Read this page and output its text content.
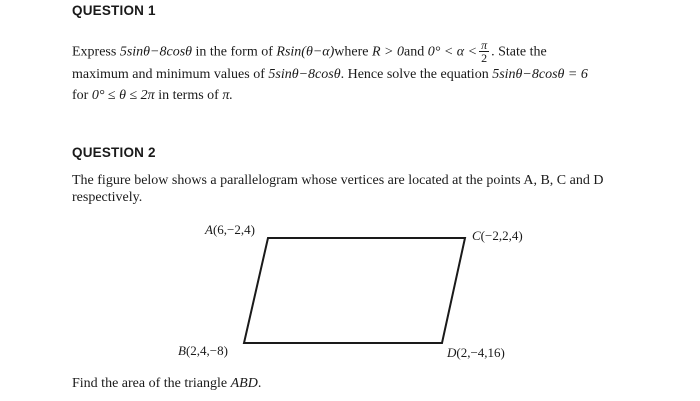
QUESTION 1
Express 5sinθ−8cosθ in the form of Rsin(θ−α)where R > 0and $0^\circ < \alpha < \frac{\pi}{2}$ . State the
maximum and minimum values of 5sinθ−8cosθ. Hence solve the equation 5sinθ−8cosθ = 6
for 0° ≤ θ ≤ 2π in terms of π.
QUESTION 2
The figure below shows a parallelogram whose vertices are located at the points A, B, C and D respectively.
A(6,−2,4)	C(−2,2,4)
B(2,4,−8)	D(2,−4,16)
Find the area of the triangle ABD.
